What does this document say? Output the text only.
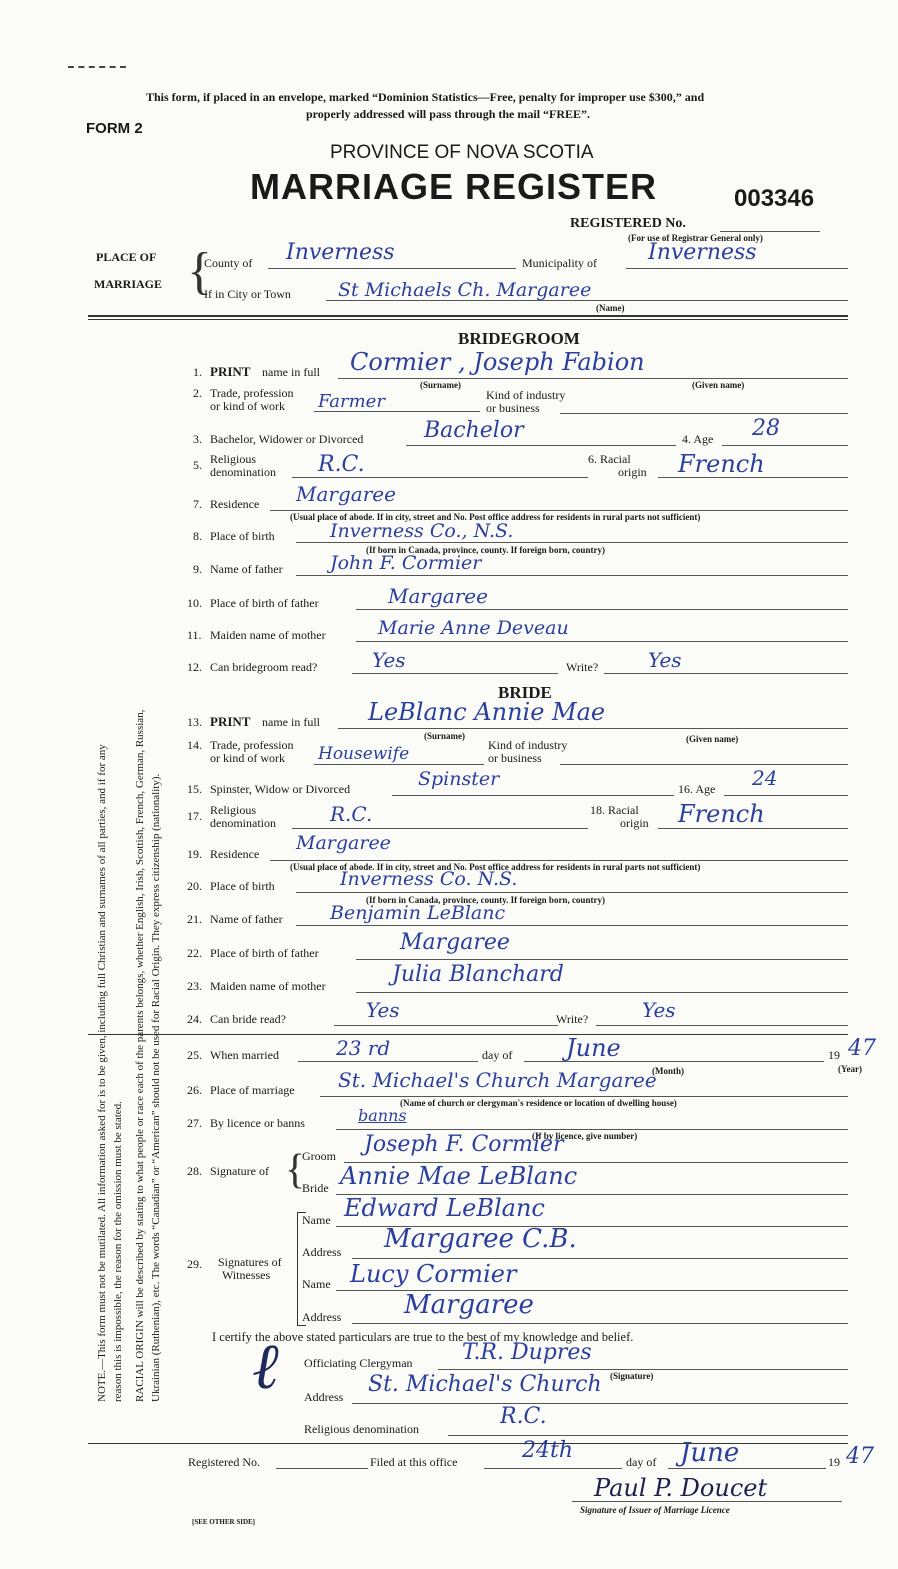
This form, if placed in an envelope, marked “Dominion Statistics—Free, penalty for improper use $300,” and
properly addressed will pass through the mail “FREE”.
FORM 2
PROVINCE OF NOVA SCOTIA
MARRIAGE REGISTER	003346
REGISTERED No.
(For use of Registrar General only)
PLACE OF
MARRIAGE {
County of Inverness	Municipality of Inverness
If in City or Town St Michaels Ch. Margaree
(Name)
BRIDEGROOM
1. PRINT name in full Cormier , Joseph Fabion
(Surname)	(Given name)
2. Trade, profession
or kind of work Farmer	Kind of industry
or business
3. Bachelor, Widower or Divorced	Bachelor	4. Age 28
5. Religious
denomination R.C.	6. Racial
origin French
7. Residence Margaree
(Usual place of abode. If in city, street and No. Post office address for residents in rural parts not sufficient)
8. Place of birth	Inverness Co., N.S.
(If born in Canada, province, county. If foreign born, country)
9. Name of father John F. Cormier
10. Place of birth of father	Margaree
11. Maiden name of mother	Marie Anne Deveau
12. Can bridegroom read?	Yes	Write? Yes
BRIDE
13. PRINT name in full LeBlanc Annie Mae
(Surname)	(Given name)
14. Trade, profession
or kind of work Housewife	Kind of industry
or business
15. Spinster, Widow or Divorced	Spinster	16. Age 24
17. Religious
denomination	R.C.	18. Racial
origin French
19. Residence Margaree
(Usual place of abode. If in city, street and No. Post office address for residents in rural parts not sufficient)
20. Place of birth	Inverness Co. N.S.
(If born in Canada, province, county. If foreign born, country)
21. Name of father Benjamin LeBlanc
22. Place of birth of father	Margaree
23. Maiden name of mother	Julia Blanchard
24. Can bride read?	Yes	Write?	Yes
25. When married	23 rd	day of June	19 47
(Month)	(Year)
26. Place of marriage St. Michael's Church Margaree
(Name of church or clergyman's residence or location of dwelling house)
27. By licence or banns	banns
(If by licence, give number)
28. Signature of {
Groom Joseph F. Cormier
Bride Annie Mae LeBlanc
29. Signatures of
Witnesses
Name Edward LeBlanc
Address Margaree C.B.
Name Lucy Cormier
Address Margaree
I certify the above stated particulars are true to the best of my knowledge and belief.
Officiating Clergyman T.R. Dupres
(Signature)
ℓ Address St. Michael's Church
Religious denomination	R.C.
Registered No.	Filed at this office	24th	day of June	19 47
Paul P. Doucet
Signature of Issuer of Marriage Licence
[SEE OTHER SIDE]
NOTE.—This form must not be mutilated. All information asked for is to be given, including full Christian and surnames of all parties, and if for any reason this is impossible, the reason for the omission must be stated. RACIAL ORIGIN will be described by stating to what people or race each of the parents belongs, whether English, Irish, Scottish, French, German, Russian, Ukrainian (Ruthenian), etc. The words “Canadian” or “American” should not be used for Racial Origin. They express citizenship (nationality).
